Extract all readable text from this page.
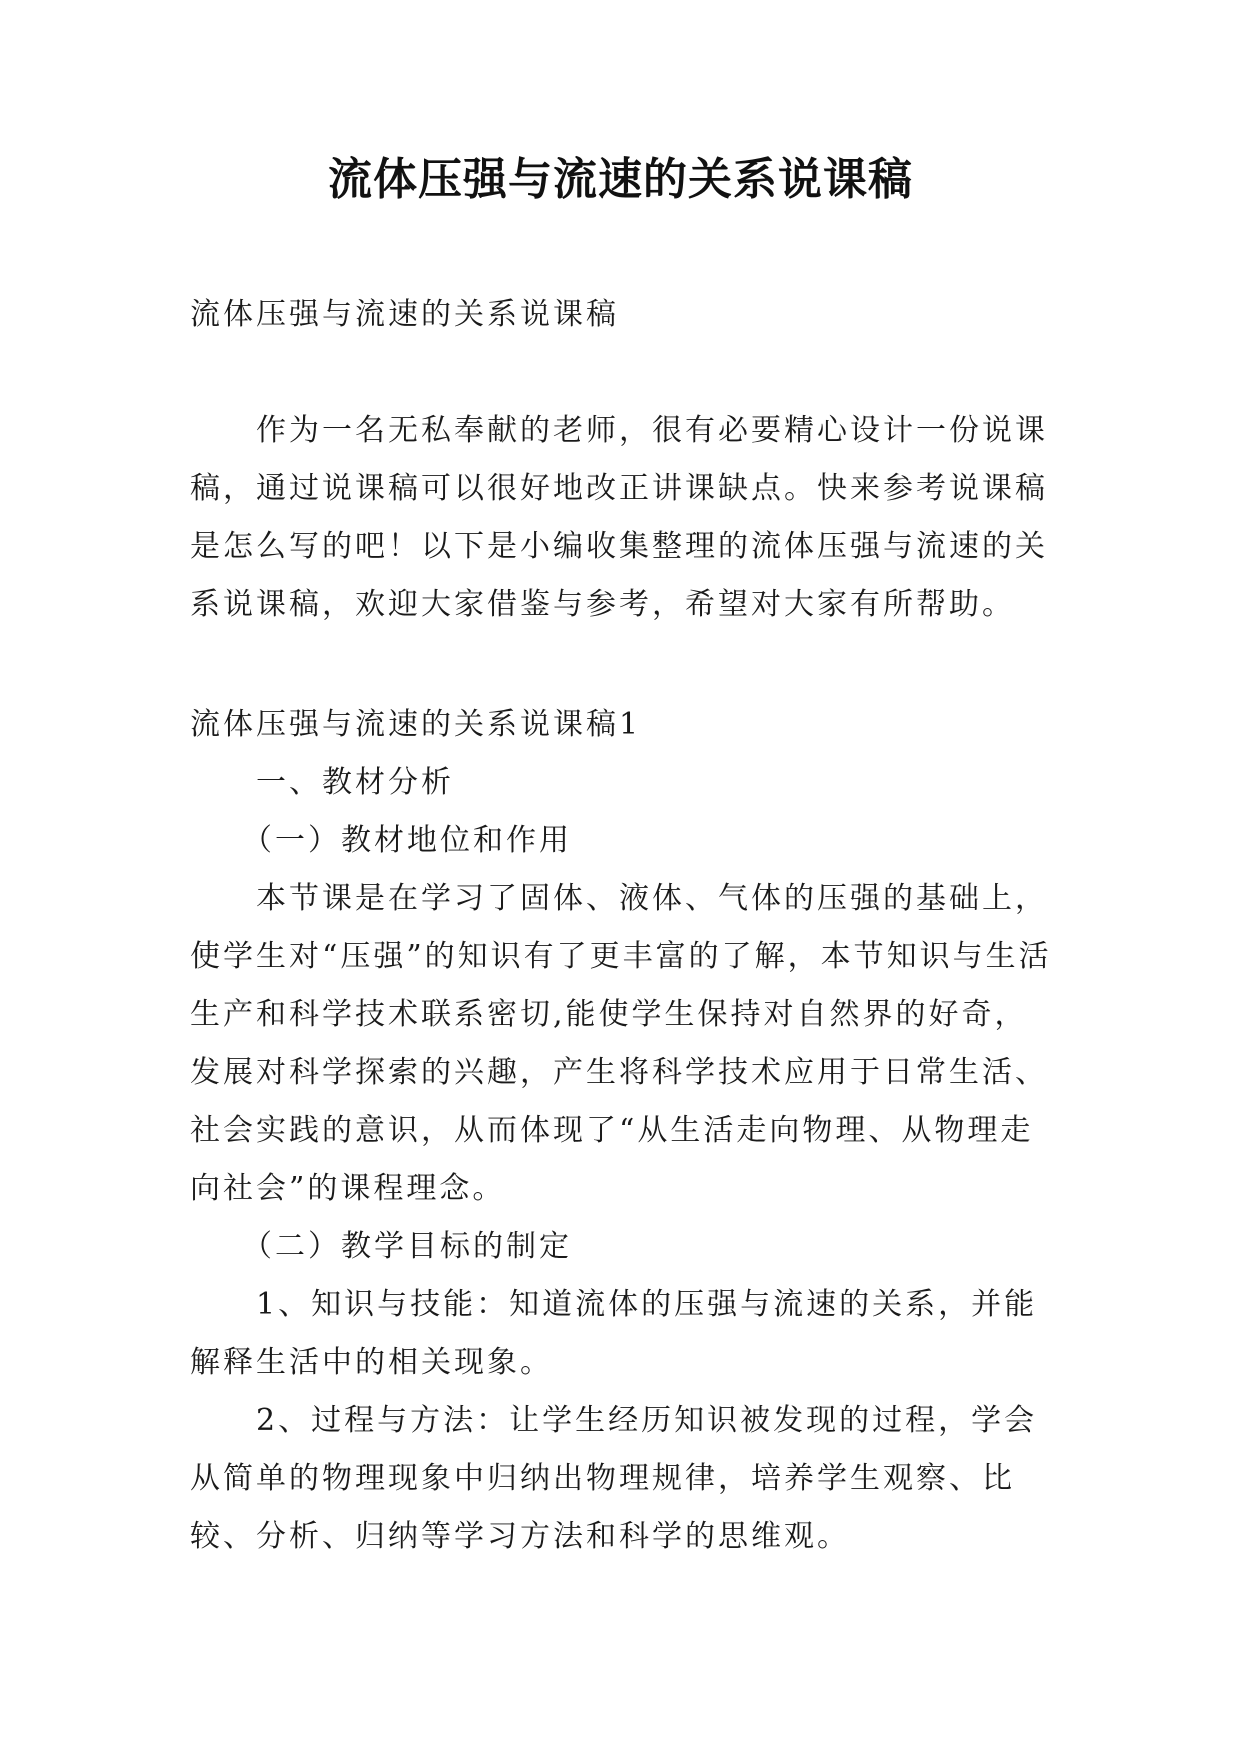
流体压强与流速的关系说课稿
流体压强与流速的关系说课稿

作为一名无私奉献的老师，很有必要精心设计一份说课稿，通过说课稿可以很好地改正讲课缺点。快来参考说课稿是怎么写的吧！以下是小编收集整理的流体压强与流速的关系说课稿，欢迎大家借鉴与参考，希望对大家有所帮助。

流体压强与流速的关系说课稿1

一、教材分析

（一）教材地位和作用

本节课是在学习了固体、液体、气体的压强的基础上，使学生对“压强”的知识有了更丰富的了解，本节知识与生活生产和科学技术联系密切,能使学生保持对自然界的好奇，发展对科学探索的兴趣，产生将科学技术应用于日常生活、社会实践的意识，从而体现了“从生活走向物理、从物理走向社会”的课程理念。

（二）教学目标的制定

1、知识与技能：知道流体的压强与流速的关系，并能解释生活中的相关现象。

2、过程与方法：让学生经历知识被发现的过程，学会从简单的物理现象中归纳出物理规律，培养学生观察、比较、分析、归纳等学习方法和科学的思维观。
